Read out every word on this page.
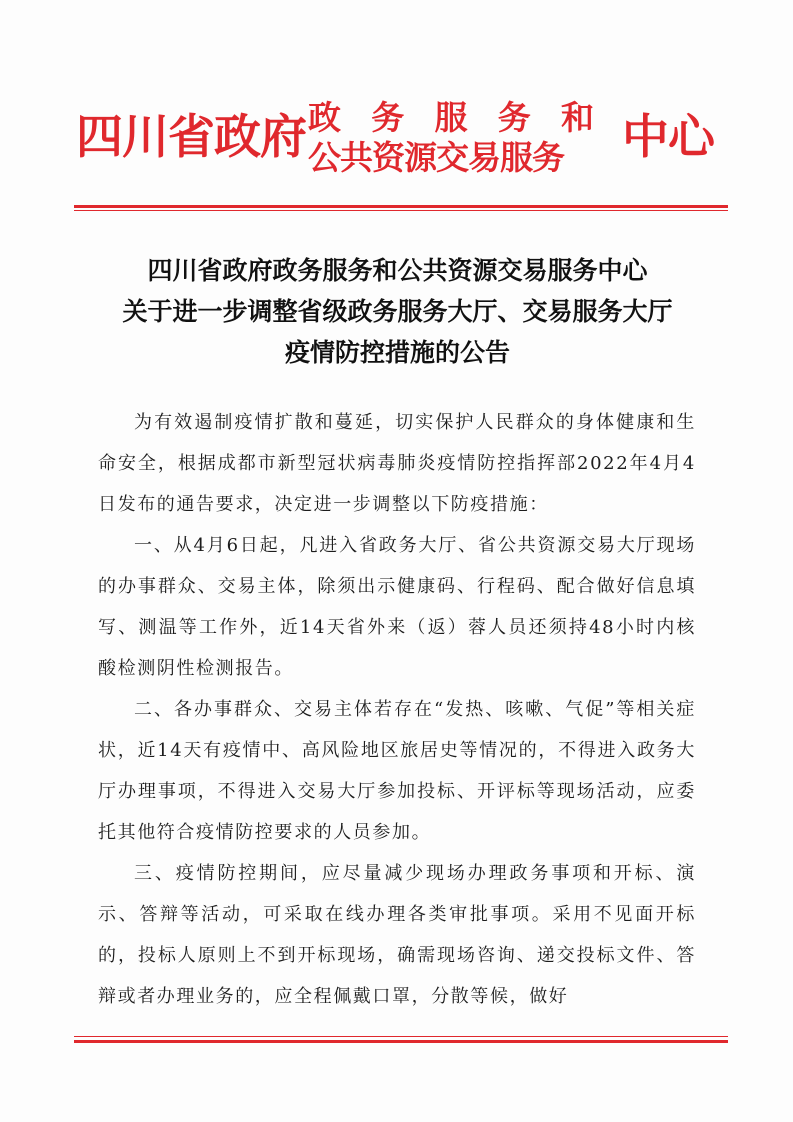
四川省政府 政 务 服 务 和
公共资源交易服务	中心
四川省政府政务服务和公共资源交易服务中心
关于进一步调整省级政务服务大厅、交易服务大厅
疫情防控措施的公告

为有效遏制疫情扩散和蔓延，切实保护人民群众的身体健康和生命安全，根据成都市新型冠状病毒肺炎疫情防控指挥部2022年4月4日发布的通告要求，决定进一步调整以下防疫措施：

一、从4月6日起，凡进入省政务大厅、省公共资源交易大厅现场的办事群众、交易主体，除须出示健康码、行程码、配合做好信息填写、测温等工作外，近14天省外来（返）蓉人员还须持48小时内核酸检测阴性检测报告。

二、各办事群众、交易主体若存在“发热、咳嗽、气促”等相关症状，近14天有疫情中、高风险地区旅居史等情况的，不得进入政务大厅办理事项，不得进入交易大厅参加投标、开评标等现场活动，应委托其他符合疫情防控要求的人员参加。

三、疫情防控期间，应尽量减少现场办理政务事项和开标、演示、答辩等活动，可采取在线办理各类审批事项。采用不见面开标的，投标人原则上不到开标现场，确需现场咨询、递交投标文件、答辩或者办理业务的，应全程佩戴口罩，分散等候，做好
